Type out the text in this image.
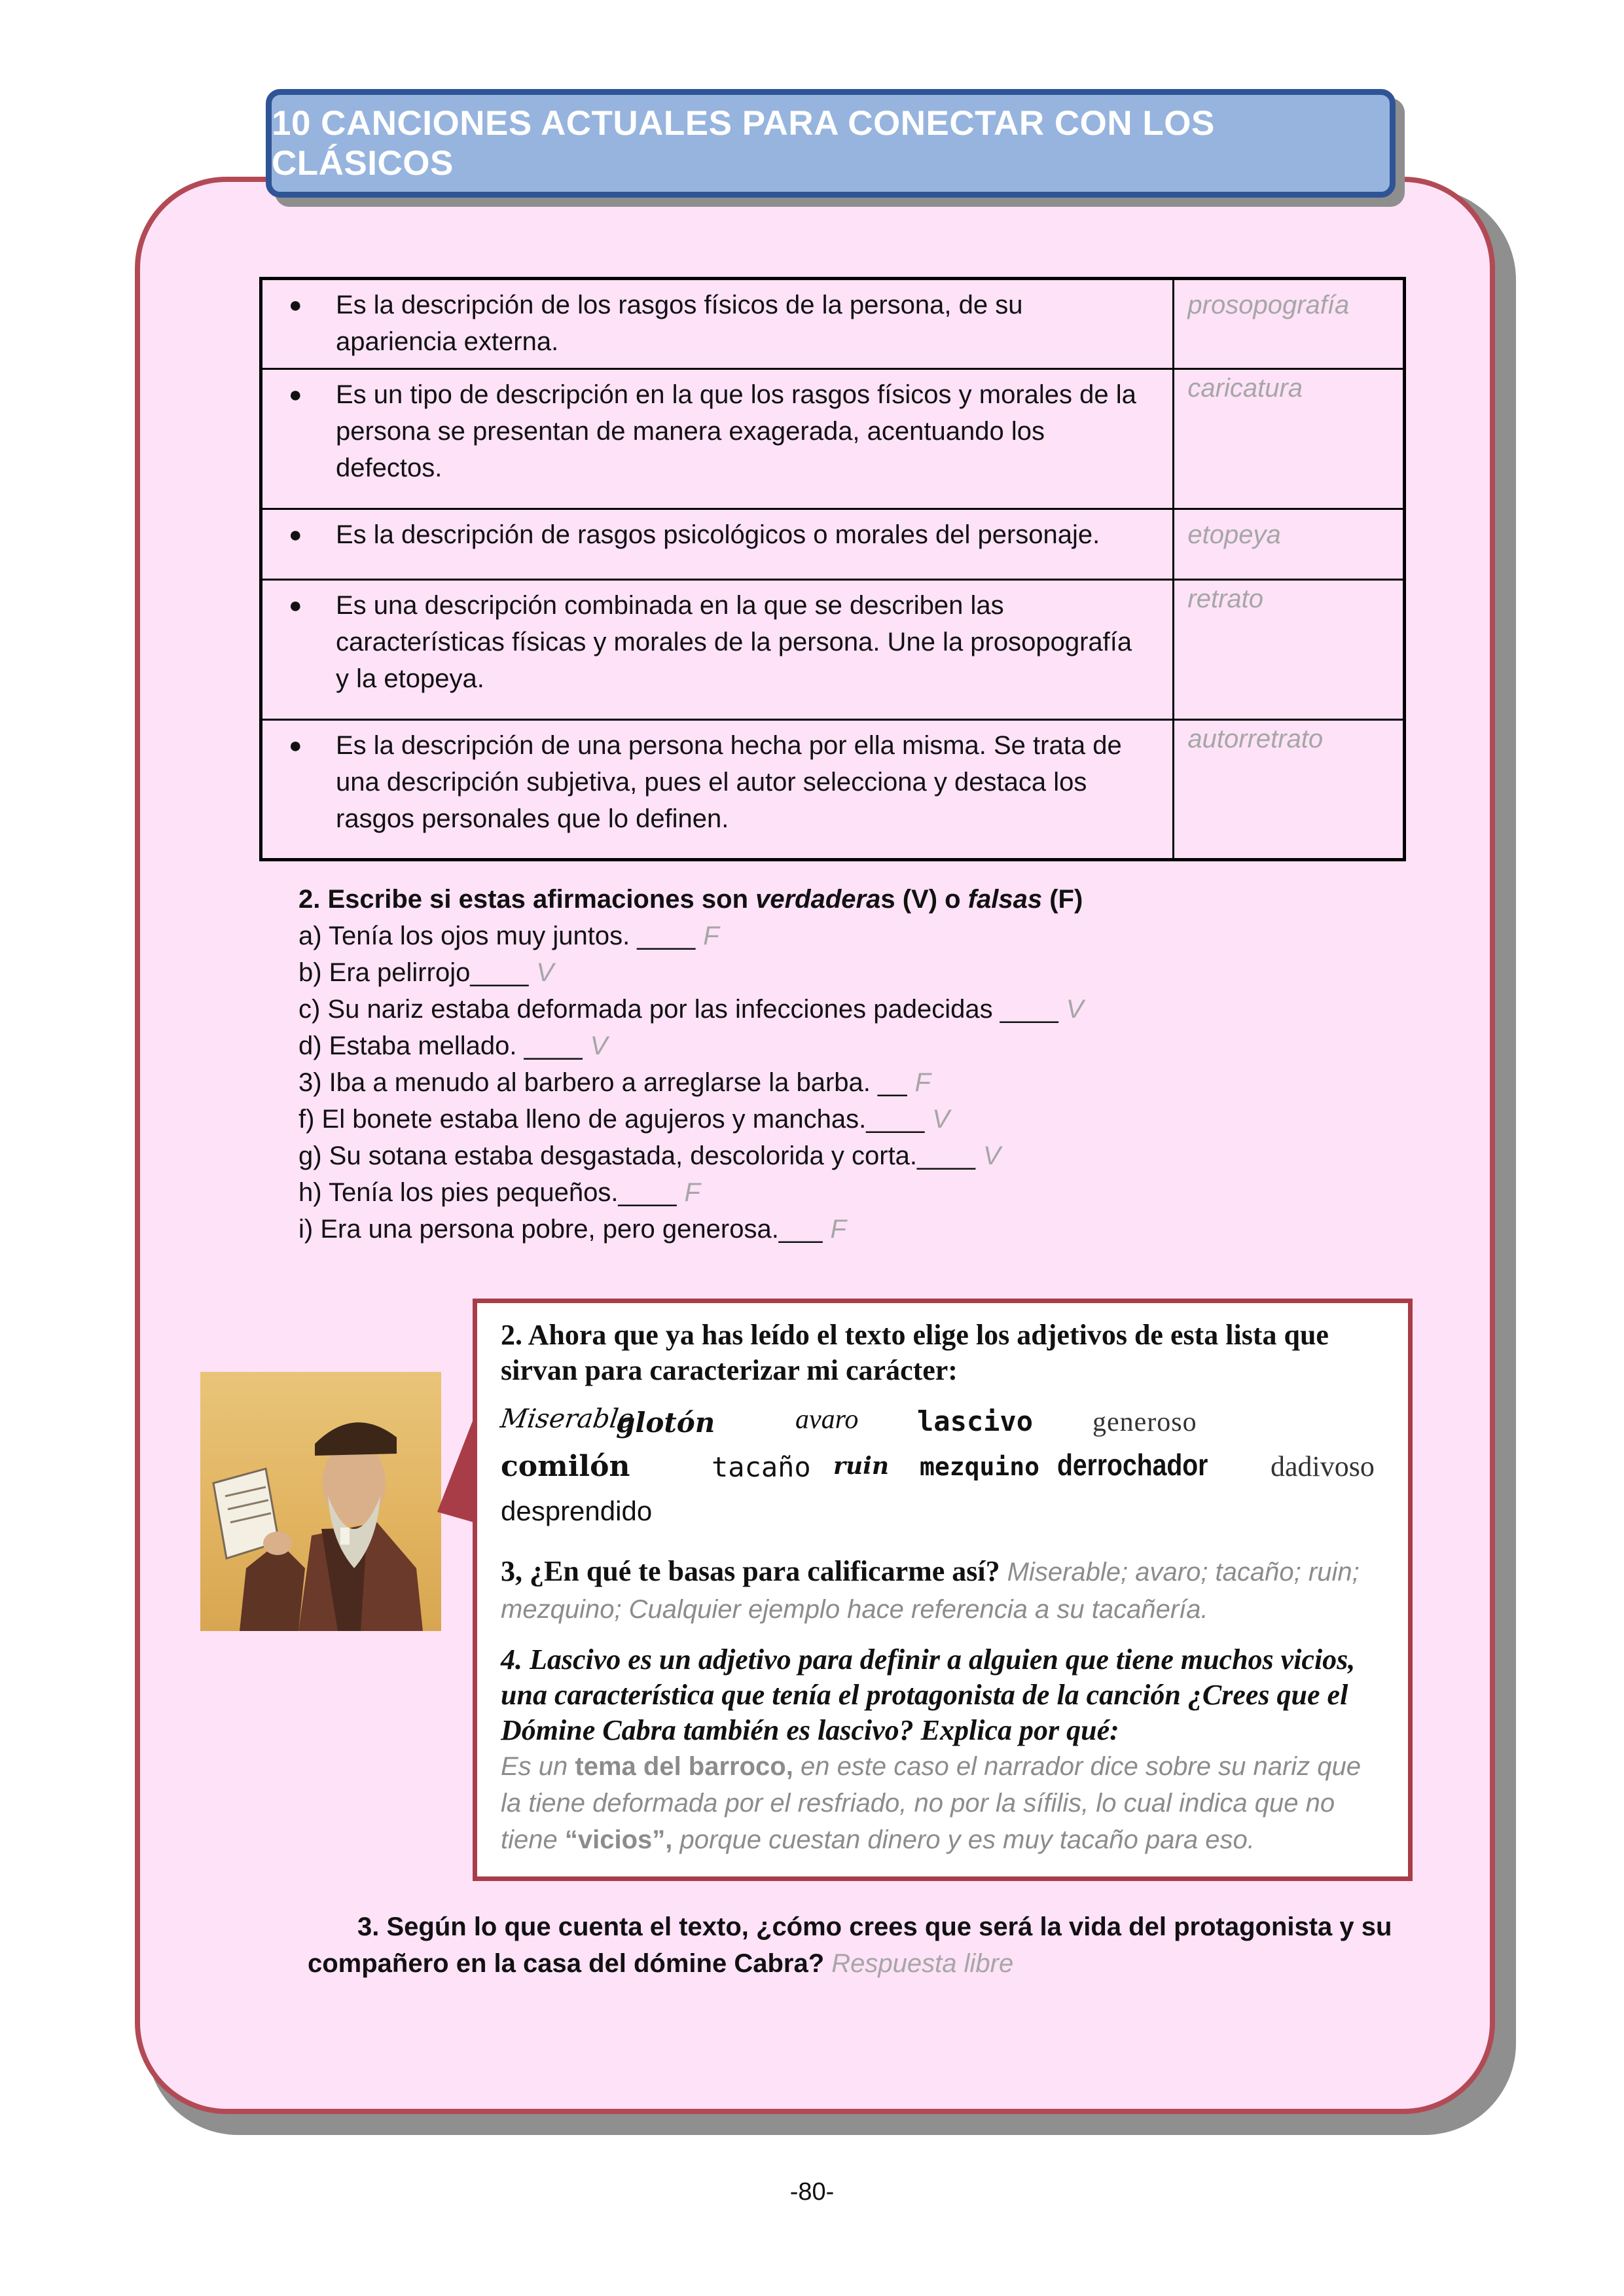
10 CANCIONES ACTUALES PARA CONECTAR CON LOS CLÁSICOS
● Es la descripción de los rasgos físicos de la persona, de su apariencia externa.	prosopografía

● Es un tipo de descripción en la que los rasgos físicos y morales de la persona se presentan de manera exagerada, acentuando los defectos.	caricatura

● Es la descripción de rasgos psicológicos o morales del personaje.	etopeya

● Es una descripción combinada en la que se describen las características físicas y morales de la persona. Une la prosopografía y la etopeya.	retrato

● Es la descripción de una persona hecha por ella misma. Se trata de una descripción subjetiva, pues el autor selecciona y destaca los rasgos personales que lo definen.	autorretrato
2. Escribe si estas afirmaciones son verdaderas (V) o falsas (F)
a) Tenía los ojos muy juntos. ____ F
b) Era pelirrojo____ V
c) Su nariz estaba deformada por las infecciones padecidas ____ V
d) Estaba mellado. ____ V
3) Iba a menudo al barbero a arreglarse la barba. __ F
f) El bonete estaba lleno de agujeros y manchas.____ V
g) Su sotana estaba desgastada, descolorida y corta.____ V
h) Tenía los pies pequeños.____ F
i) Era una persona pobre, pero generosa.___ F
2. Ahora que ya has leído el texto elige los adjetivos de esta lista que sirvan para caracterizar mi carácter:
Miserable
glotón	avaro lascivo generoso
comilón	tacaño ruin mezquino derrochador dadivoso
desprendido
3, ¿En qué te basas para calificarme así? Miserable; avaro; tacaño; ruin; mezquino; Cualquier ejemplo hace referencia a su tacañería.
4. Lascivo es un adjetivo para definir a alguien que tiene muchos vicios, una característica que tenía el protagonista de la canción ¿Crees que el Dómine Cabra también es lascivo? Explica por qué:
Es un tema del barroco, en este caso el narrador dice sobre su nariz que la tiene deformada por el resfriado, no por la sífilis, lo cual indica que no tiene “vicios”, porque cuestan dinero y es muy tacaño para eso.
3. Según lo que cuenta el texto, ¿cómo crees que será la vida del protagonista y su compañero en la casa del dómine Cabra? Respuesta libre
-80-
